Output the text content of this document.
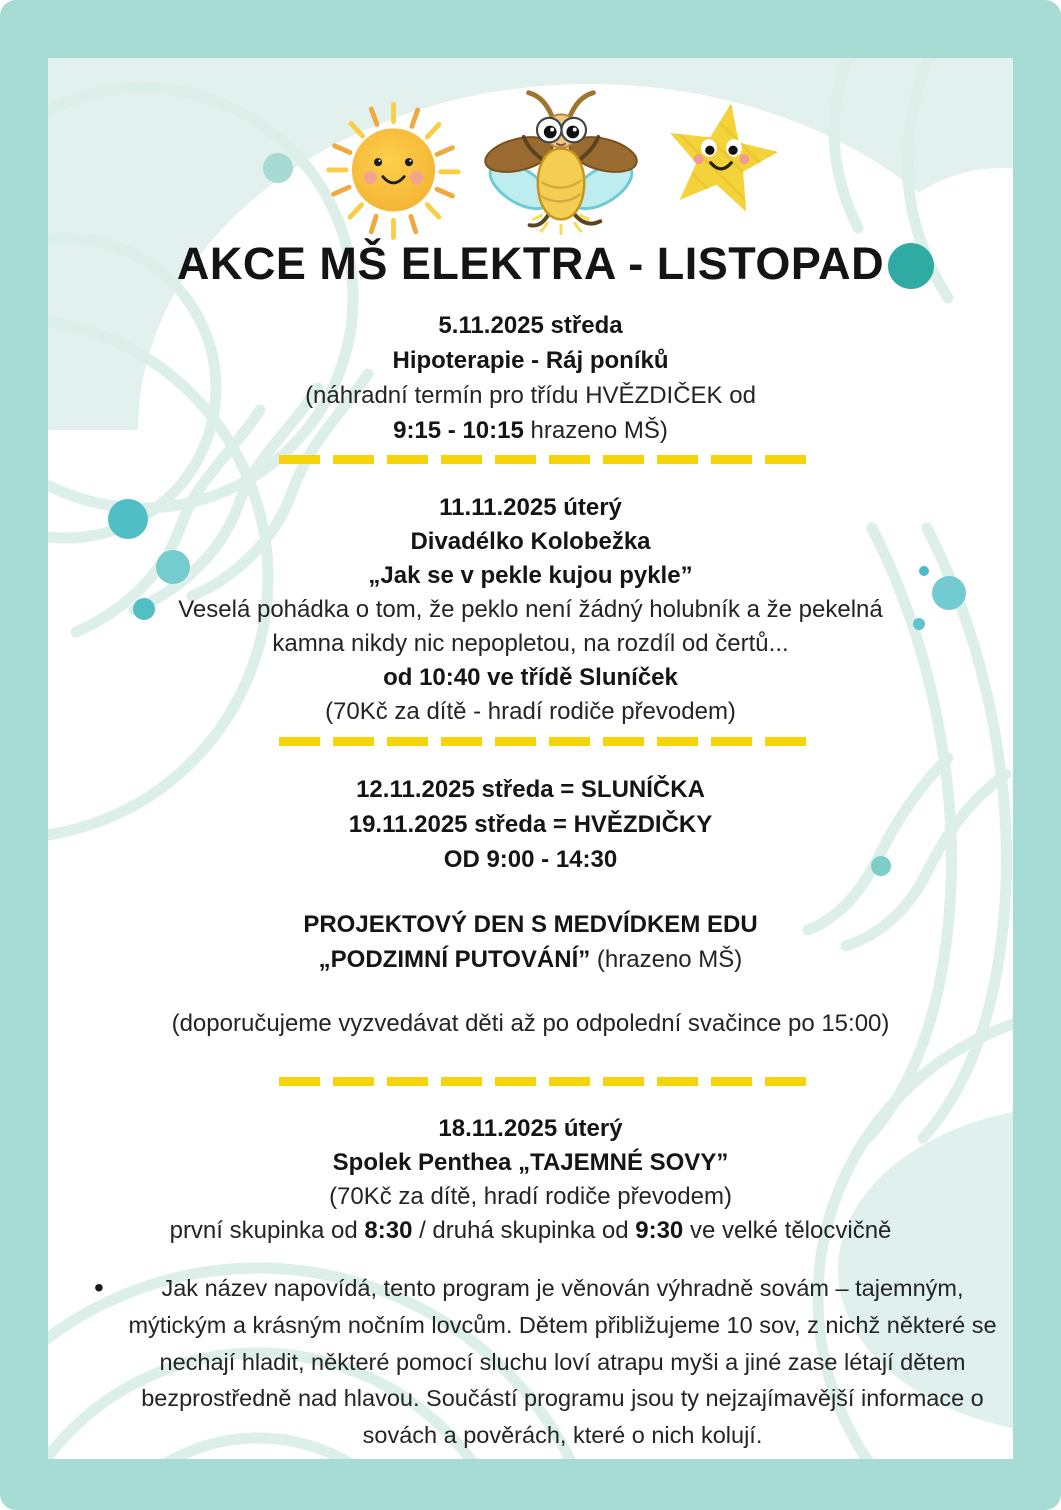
AKCE MŠ ELEKTRA - LISTOPAD
5.11.2025 středa
Hipoterapie - Ráj poníků
(náhradní termín pro třídu HVĚZDIČEK od
9:15 - 10:15 hrazeno MŠ)
11.11.2025 úterý
Divadélko Kolobežka
„Jak se v pekle kujou pykle”
Veselá pohádka o tom, že peklo není žádný holubník a že pekelná
kamna nikdy nic nepopletou, na rozdíl od čertů...
od 10:40 ve třídě Sluníček
(70Kč za dítě - hradí rodiče převodem)
12.11.2025 středa = SLUNÍČKA
19.11.2025 středa = HVĚZDIČKY
OD 9:00 - 14:30
PROJEKTOVÝ DEN S MEDVÍDKEM EDU
„PODZIMNÍ PUTOVÁNÍ” (hrazeno MŠ)
(doporučujeme vyzvedávat děti až po odpolední svačince po 15:00)
18.11.2025 úterý
Spolek Penthea „TAJEMNÉ SOVY”
(70Kč za dítě, hradí rodiče převodem)
první skupinka od 8:30 / druhá skupinka od 9:30 ve velké tělocvičně
•	Jak název napovídá, tento program je věnován výhradně sovám – tajemným, mýtickým a krásným nočním lovcům. Dětem přibližujeme 10 sov, z nichž některé se nechají hladit, některé pomocí sluchu loví atrapu myši a jiné zase létají dětem bezprostředně nad hlavou. Součástí programu jsou ty nejzajímavější informace o sovách a pověrách, které o nich kolují.
